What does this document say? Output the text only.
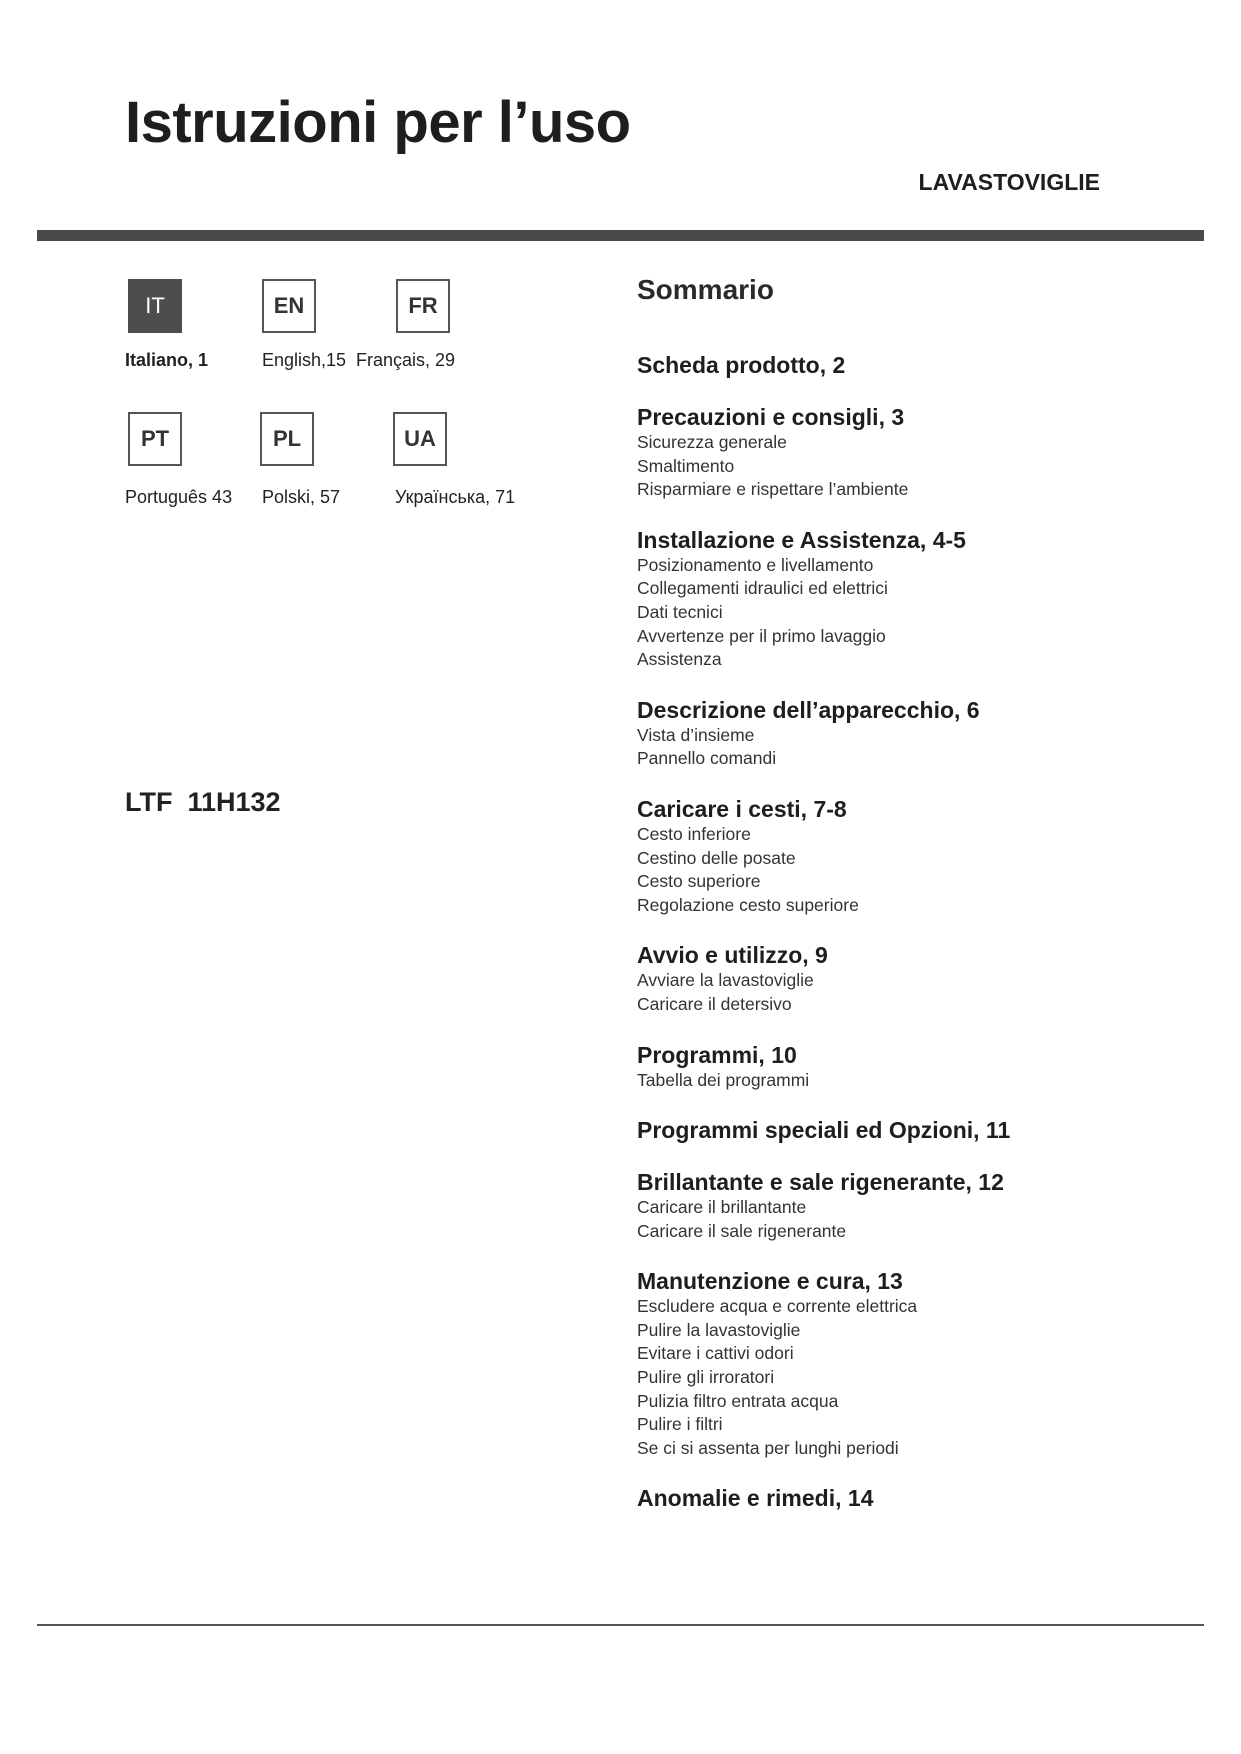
Istruzioni per l’uso
LAVASTOVIGLIE
IT	EN	FR
Italiano, 1	English,15 Français, 29
PT	PL	UA
Português 43 Polski, 57	Українська, 71
LTF  11H132
Sommario
Scheda prodotto, 2
Precauzioni e consigli, 3
Sicurezza generale
Smaltimento
Risparmiare e rispettare l’ambiente
Installazione e Assistenza, 4-5
Posizionamento e livellamento
Collegamenti idraulici ed elettrici
Dati tecnici
Avvertenze per il primo lavaggio
Assistenza
Descrizione dell’apparecchio, 6
Vista d’insieme
Pannello comandi
Caricare i cesti, 7-8
Cesto inferiore
Cestino delle posate
Cesto superiore
Regolazione cesto superiore
Avvio e utilizzo, 9
Avviare la lavastoviglie
Caricare il detersivo
Programmi, 10
Tabella dei programmi
Programmi speciali ed Opzioni, 11
Brillantante e sale rigenerante, 12
Caricare il brillantante
Caricare il sale rigenerante
Manutenzione e cura, 13
Escludere acqua e corrente elettrica
Pulire la lavastoviglie
Evitare i cattivi odori
Pulire gli irroratori
Pulizia filtro entrata acqua
Pulire i filtri
Se ci si assenta per lunghi periodi
Anomalie e rimedi, 14
